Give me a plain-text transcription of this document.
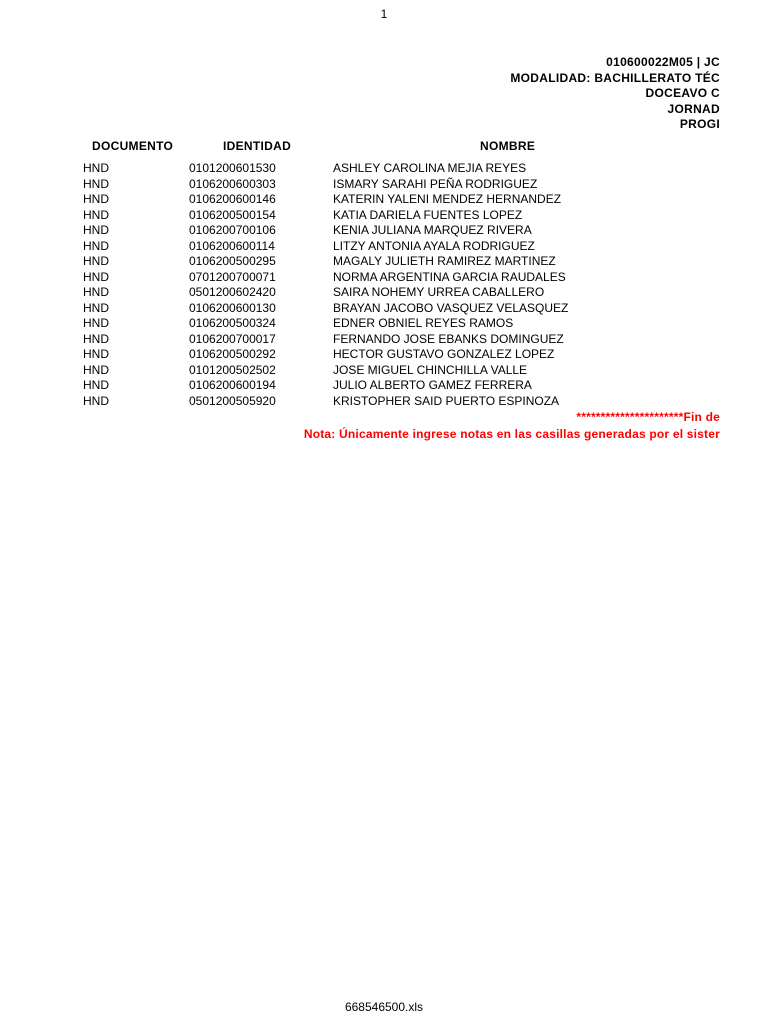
1
010600022M05 | JC
MODALIDAD: BACHILLERATO TÉC
DOCEAVO C
JORNAD
PROGI
DOCUMENTO	IDENTIDAD	NOMBRE
HND	0101200601530	ASHLEY CAROLINA MEJIA REYES
HND	0106200600303	ISMARY SARAHI PEÑA RODRIGUEZ
HND	0106200600146	KATERIN YALENI MENDEZ HERNANDEZ
HND	0106200500154	KATIA DARIELA FUENTES LOPEZ
HND	0106200700106	KENIA JULIANA MARQUEZ RIVERA
HND	0106200600114	LITZY ANTONIA AYALA RODRIGUEZ
HND	0106200500295	MAGALY JULIETH RAMIREZ MARTINEZ
HND	0701200700071	NORMA ARGENTINA GARCIA RAUDALES
HND	0501200602420	SAIRA NOHEMY URREA CABALLERO
HND	0106200600130	BRAYAN JACOBO VASQUEZ VELASQUEZ
HND	0106200500324	EDNER OBNIEL REYES RAMOS
HND	0106200700017	FERNANDO JOSE EBANKS DOMINGUEZ
HND	0106200500292	HECTOR GUSTAVO GONZALEZ LOPEZ
HND	0101200502502	JOSE MIGUEL CHINCHILLA VALLE
HND	0106200600194	JULIO ALBERTO GAMEZ FERRERA
HND	0501200505920	KRISTOPHER SAID PUERTO ESPINOZA
**********************Fin de
Nota: Únicamente ingrese notas en las casillas generadas por el sister
668546500.xls
